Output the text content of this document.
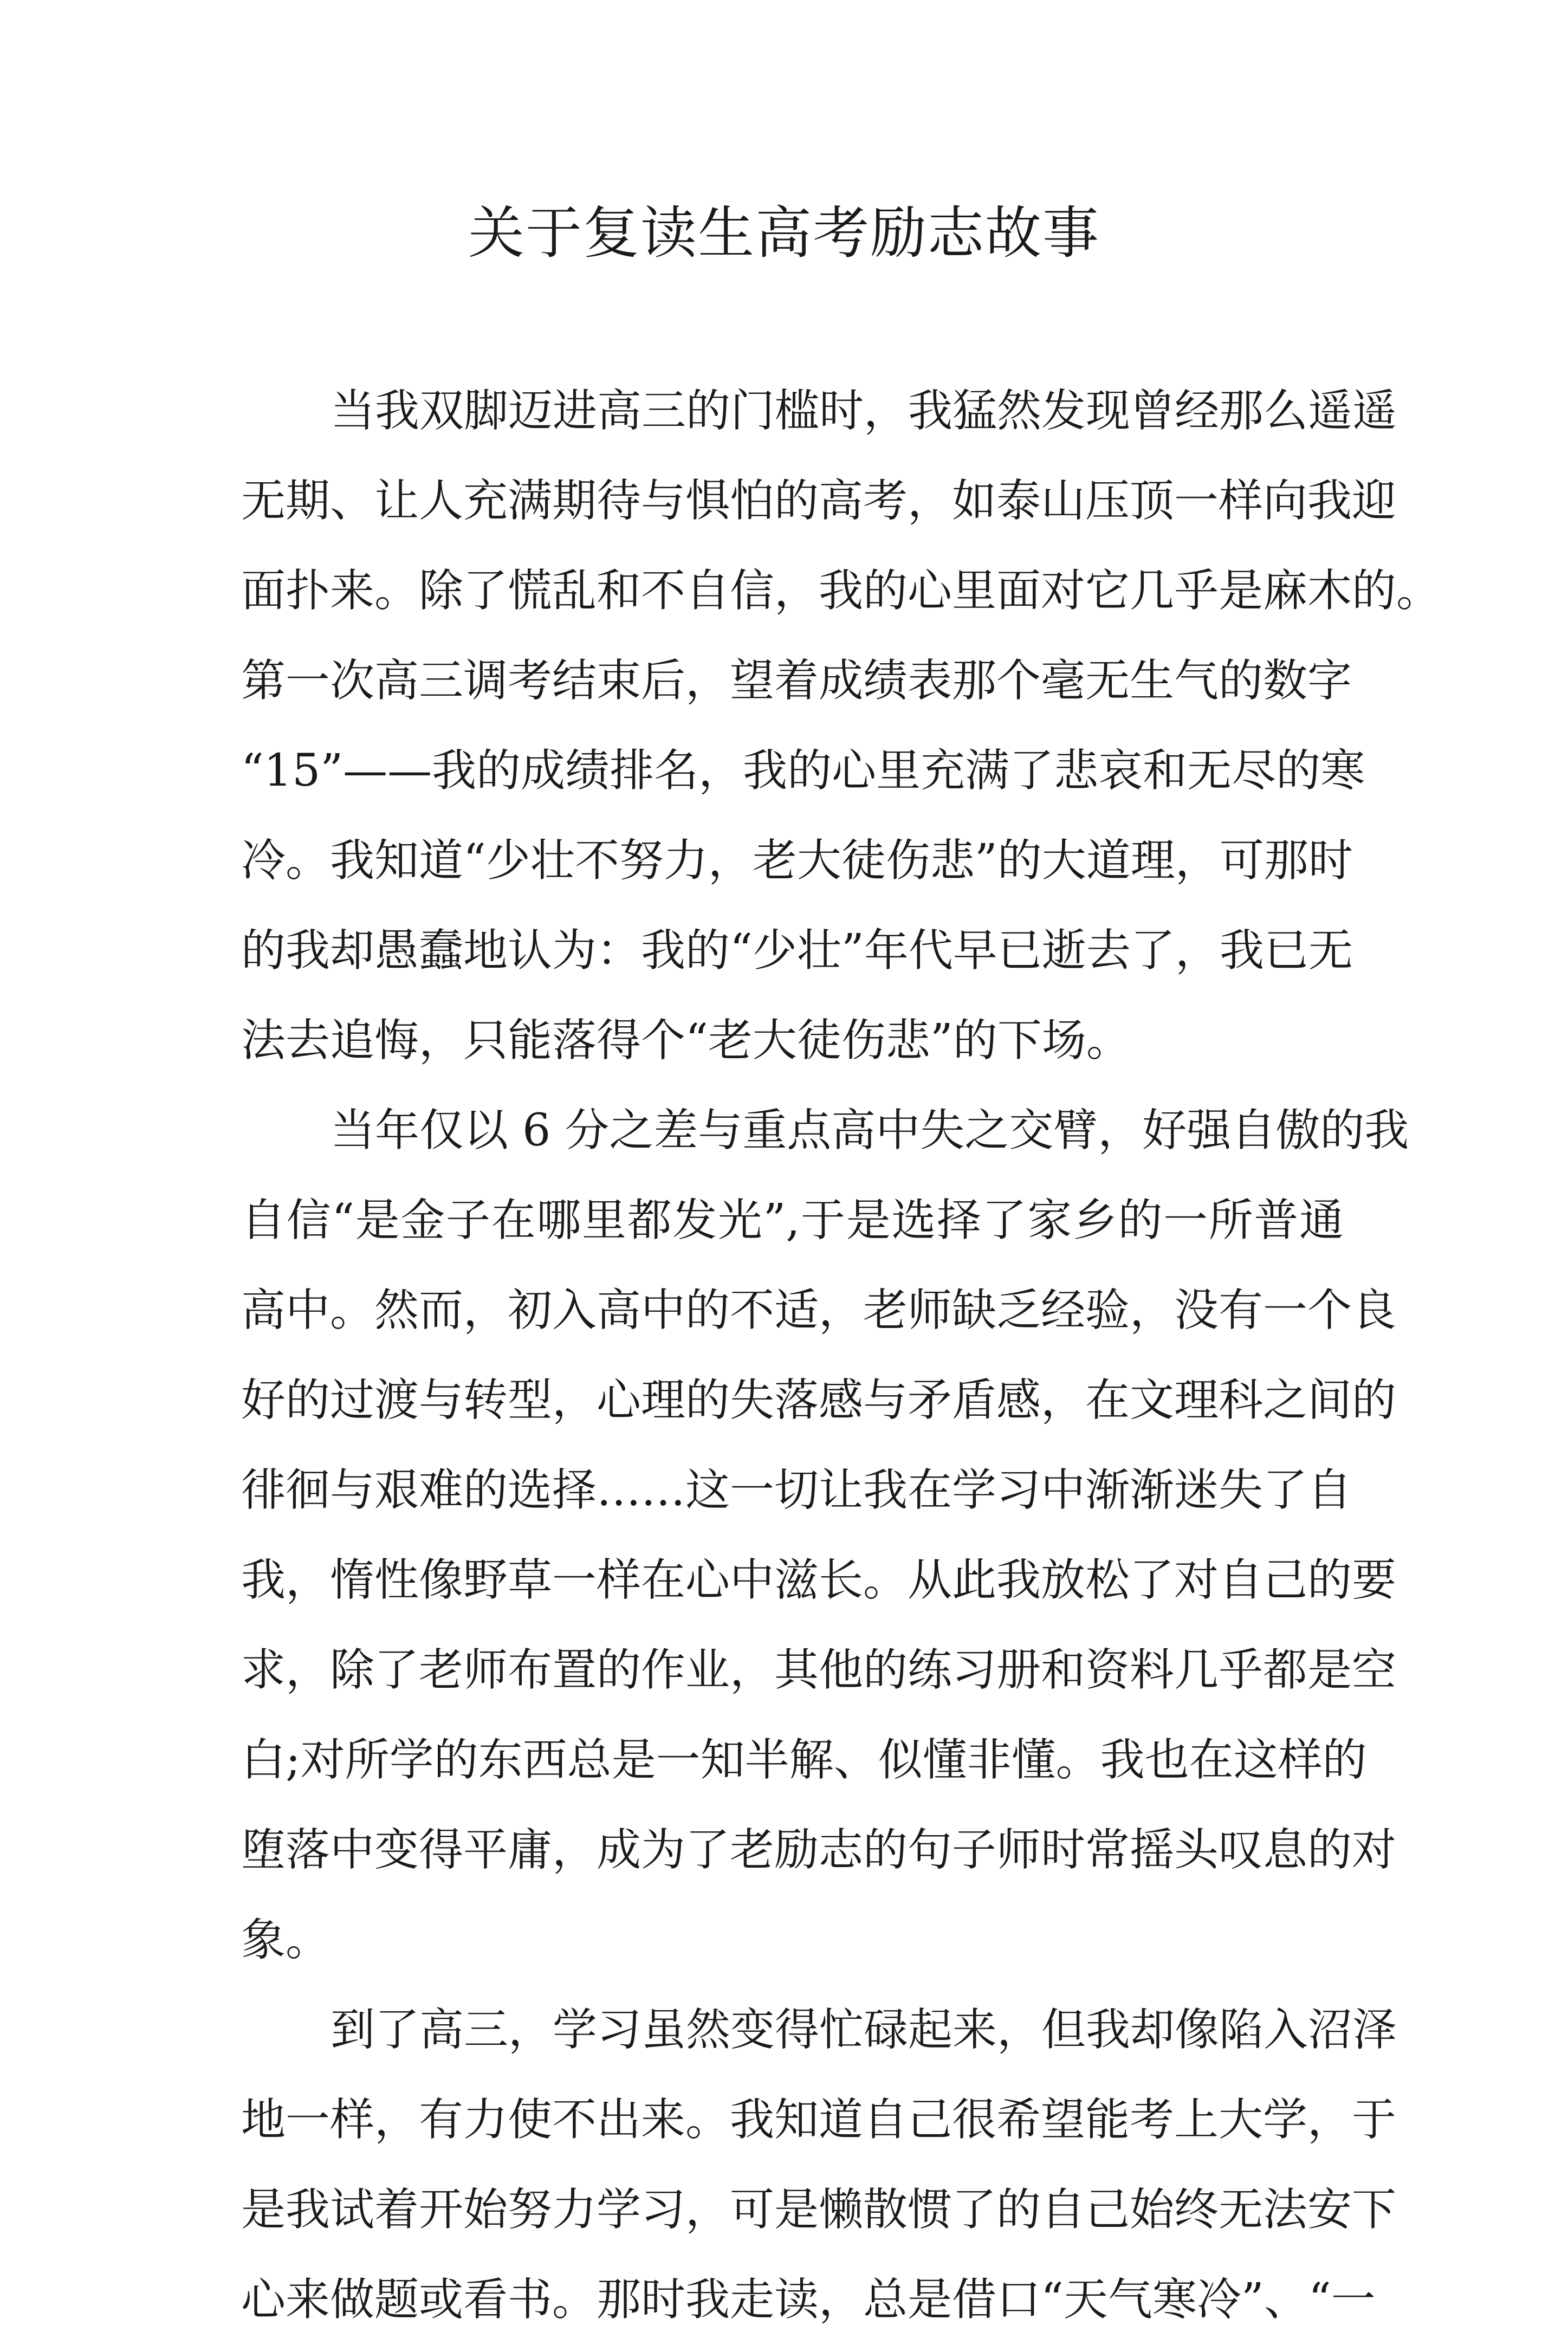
关于复读生高考励志故事

当我双脚迈进高三的门槛时，我猛然发现曾经那么遥遥

无期、让人充满期待与惧怕的高考，如泰山压顶一样向我迎

面扑来。除了慌乱和不自信，我的心里面对它几乎是麻木的。

第一次高三调考结束后，望着成绩表那个毫无生气的数字

“15”——我的成绩排名，我的心里充满了悲哀和无尽的寒

冷。我知道“少壮不努力，老大徒伤悲”的大道理，可那时

的我却愚蠢地认为：我的“少壮”年代早已逝去了，我已无

法去追悔，只能落得个“老大徒伤悲”的下场。

当年仅以 6 分之差与重点高中失之交臂，好强自傲的我

自信“是金子在哪里都发光”,于是选择了家乡的一所普通

高中。然而，初入高中的不适，老师缺乏经验，没有一个良

好的过渡与转型，心理的失落感与矛盾感，在文理科之间的

徘徊与艰难的选择……这一切让我在学习中渐渐迷失了自

我，惰性像野草一样在心中滋长。从此我放松了对自己的要

求，除了老师布置的作业，其他的练习册和资料几乎都是空

白;对所学的东西总是一知半解、似懂非懂。我也在这样的

堕落中变得平庸，成为了老励志的句子师时常摇头叹息的对

象。

到了高三，学习虽然变得忙碌起来，但我却像陷入沼泽

地一样，有力使不出来。我知道自己很希望能考上大学，于

是我试着开始努力学习，可是懒散惯了的自己始终无法安下

心来做题或看书。那时我走读，总是借口“天气寒冷”、“一
